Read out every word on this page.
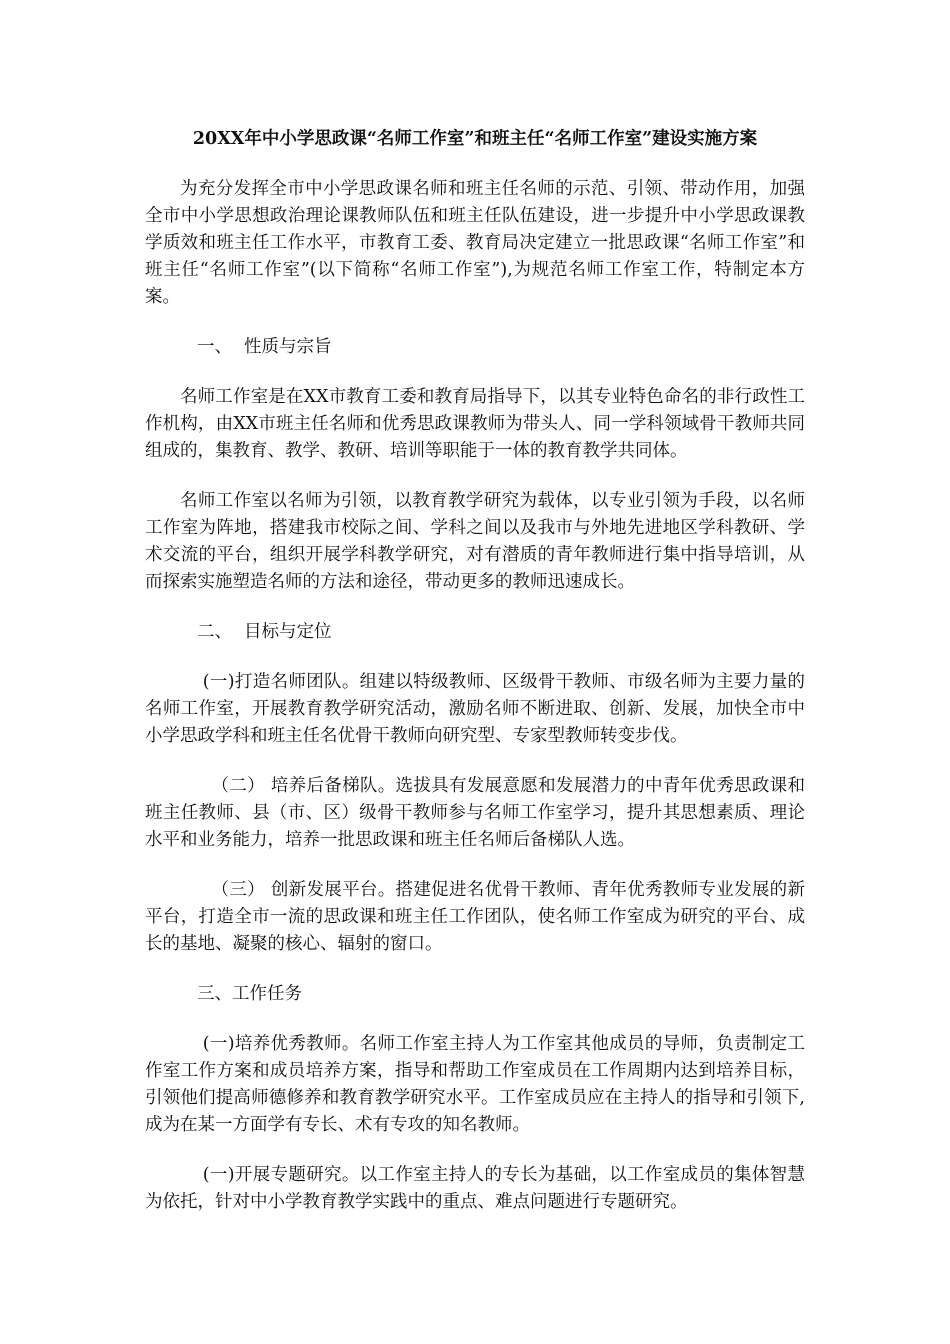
20XX年中小学思政课“名师工作室”和班主任“名师工作室”建设实施方案

为充分发挥全市中小学思政课名师和班主任名师的示范、引领、带动作用，加强全市中小学思想政治理论课教师队伍和班主任队伍建设，进一步提升中小学思政课教学质效和班主任工作水平，市教育工委、教育局决定建立一批思政课“名师工作室”和班主任“名师工作室”(以下简称“名师工作室”),为规范名师工作室工作，特制定本方案。

一、 性质与宗旨

名师工作室是在XX市教育工委和教育局指导下，以其专业特色命名的非行政性工作机构，由XX市班主任名师和优秀思政课教师为带头人、同一学科领域骨干教师共同组成的，集教育、教学、教研、培训等职能于一体的教育教学共同体。

名师工作室以名师为引领，以教育教学研究为载体，以专业引领为手段，以名师工作室为阵地，搭建我市校际之间、学科之间以及我市与外地先进地区学科教研、学术交流的平台，组织开展学科教学研究，对有潜质的青年教师进行集中指导培训，从而探索实施塑造名师的方法和途径，带动更多的教师迅速成长。

二、 目标与定位

(一)打造名师团队。组建以特级教师、区级骨干教师、市级名师为主要力量的名师工作室，开展教育教学研究活动，激励名师不断进取、创新、发展，加快全市中小学思政学科和班主任名优骨干教师向研究型、专家型教师转变步伐。

（二） 培养后备梯队。选拔具有发展意愿和发展潜力的中青年优秀思政课和班主任教师、县（市、区）级骨干教师参与名师工作室学习，提升其思想素质、理论水平和业务能力，培养一批思政课和班主任名师后备梯队人选。

（三） 创新发展平台。搭建促进名优骨干教师、青年优秀教师专业发展的新平台，打造全市一流的思政课和班主任工作团队，使名师工作室成为研究的平台、成长的基地、凝聚的核心、辐射的窗口。

三、工作任务

(一)培养优秀教师。名师工作室主持人为工作室其他成员的导师，负责制定工作室工作方案和成员培养方案，指导和帮助工作室成员在工作周期内达到培养目标，引领他们提高师德修养和教育教学研究水平。工作室成员应在主持人的指导和引领下,成为在某一方面学有专长、术有专攻的知名教师。

(一)开展专题研究。以工作室主持人的专长为基础，以工作室成员的集体智慧为依托，针对中小学教育教学实践中的重点、难点问题进行专题研究。
